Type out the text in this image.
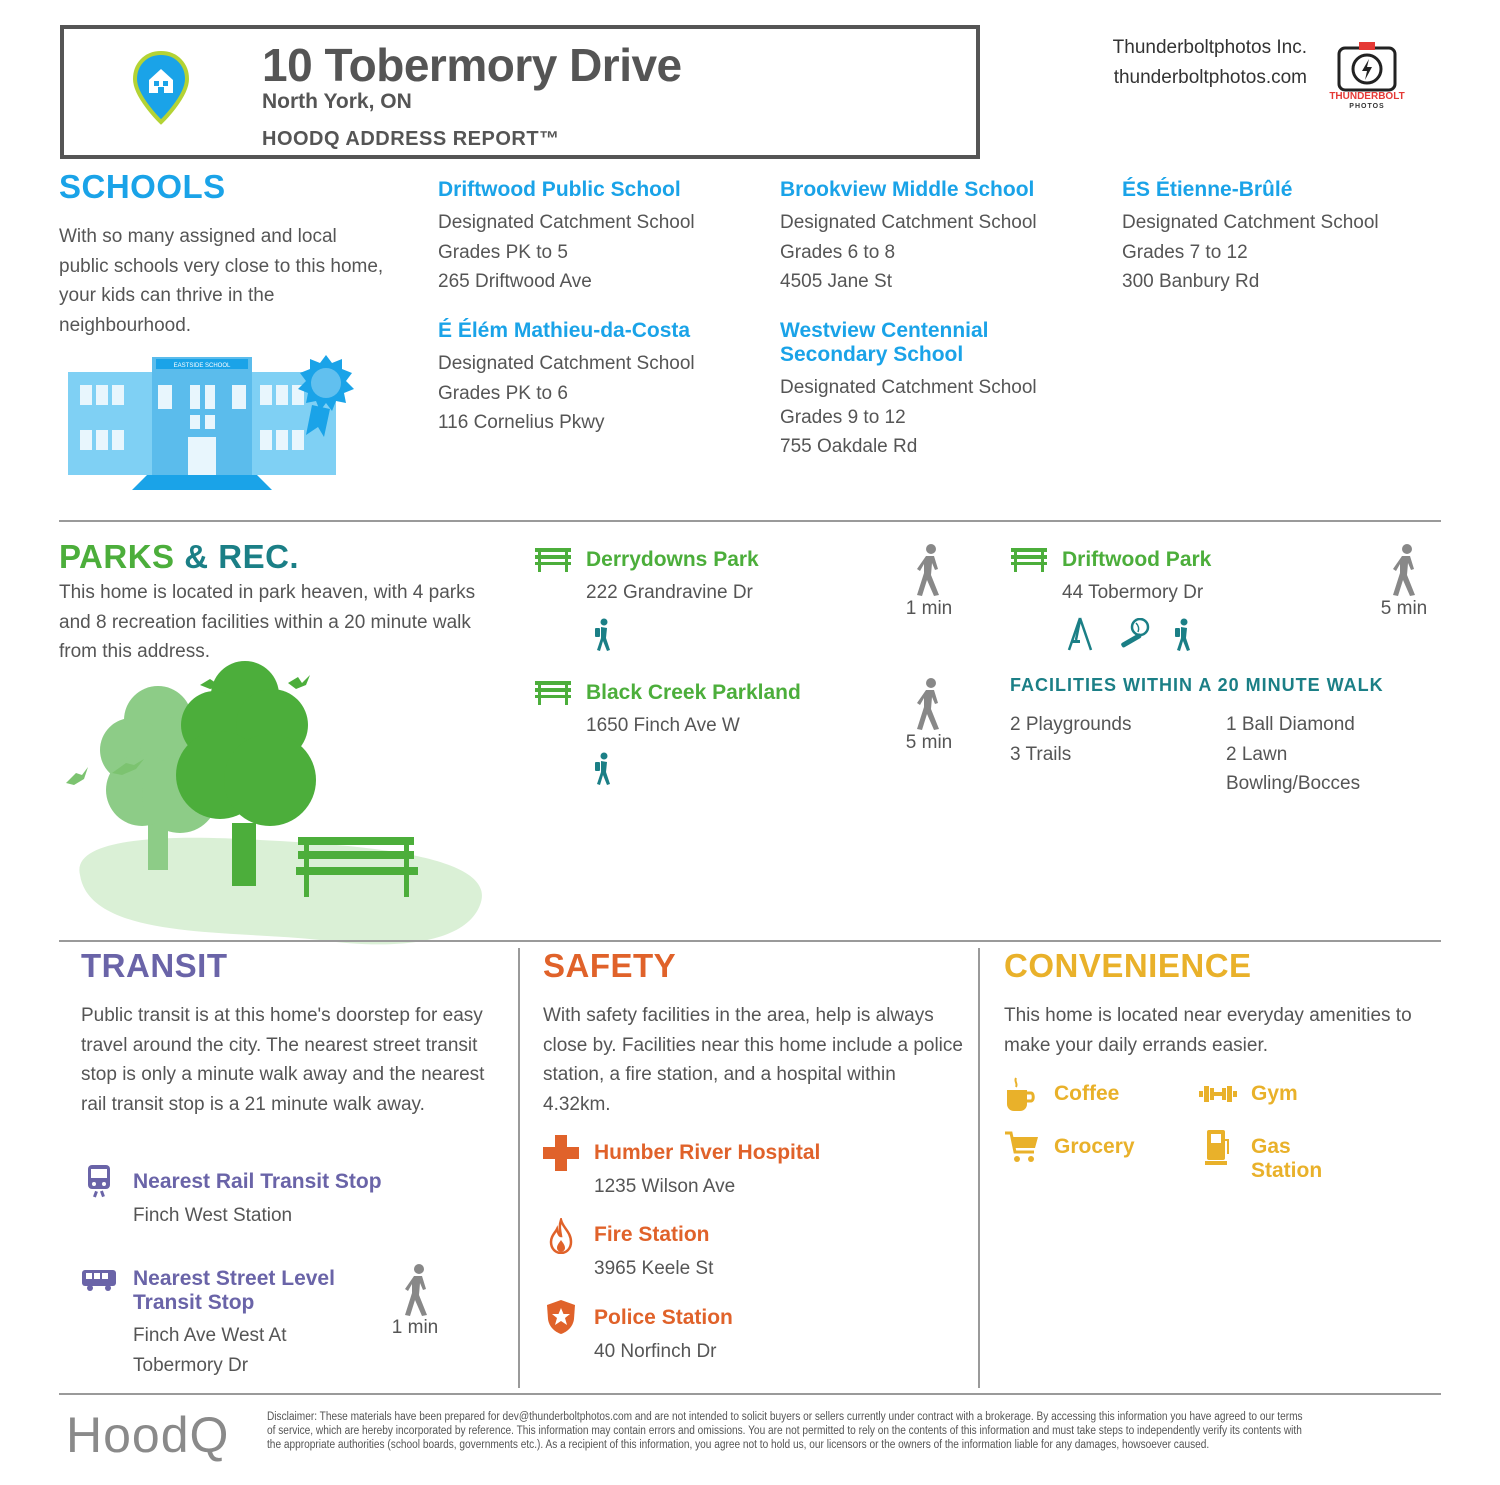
10 Tobermory Drive
North York, ON
HOODQ ADDRESS REPORT™
Thunderboltphotos Inc.
thunderboltphotos.com
THUNDERBOLT
PHOTOS
SCHOOLS
With so many assigned and local public schools very close to this home, your kids can thrive in the neighbourhood.
EASTSIDE SCHOOL
Driftwood Public School
Designated Catchment School
Grades PK to 5
265 Driftwood Ave
Brookview Middle School
Designated Catchment School
Grades 6 to 8
4505 Jane St
ÉS Étienne-Brûlé
Designated Catchment School
Grades 7 to 12
300 Banbury Rd
É Élém Mathieu-da-Costa
Designated Catchment School
Grades PK to 6
116 Cornelius Pkwy
Westview Centennial
Secondary School
Designated Catchment School
Grades 9 to 12
755 Oakdale Rd
PARKS & REC.
This home is located in park heaven, with 4 parks and 8 recreation facilities within a 20 minute walk from this address.
Derrydowns Park
222 Grandravine Dr
1 min
Black Creek Parkland
1650 Finch Ave W
5 min
Driftwood Park
44 Tobermory Dr
5 min
FACILITIES WITHIN A 20 MINUTE WALK
2 Playgrounds
3 Trails
1 Ball Diamond
2 Lawn
Bowling/Bocces
TRANSIT
Public transit is at this home's doorstep for easy travel around the city. The nearest street transit stop is only a minute walk away and the nearest rail transit stop is a 21 minute walk away.
Nearest Rail Transit Stop
Finch West Station
Nearest Street Level
Transit Stop
Finch Ave West At
Tobermory Dr
1 min
SAFETY
With safety facilities in the area, help is always close by. Facilities near this home include a police station, a fire station, and a hospital within 4.32km.
Humber River Hospital
1235 Wilson Ave
Fire Station
3965 Keele St
Police Station
40 Norfinch Dr
CONVENIENCE
This home is located near everyday amenities to make your daily errands easier.
Coffee	Gym
Grocery	Gas
Station
HoodQ	Disclaimer: These materials have been prepared for dev@thunderboltphotos.com and are not intended to solicit buyers or sellers currently under contract with a brokerage. By accessing this information you have agreed to our terms
of service, which are hereby incorporated by reference. This information may contain errors and omissions. You are not permitted to rely on the contents of this information and must take steps to independently verify its contents with
the appropriate authorities (school boards, governments etc.). As a recipient of this information, you agree not to hold us, our licensors or the owners of the information liable for any damages, howsoever caused.
